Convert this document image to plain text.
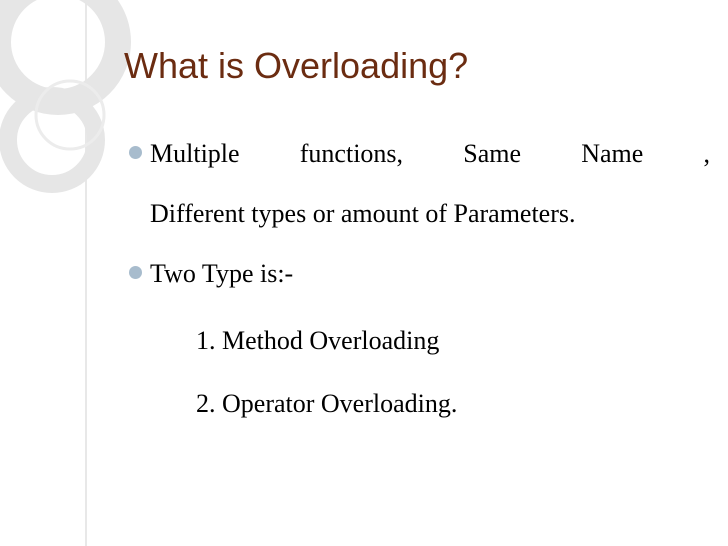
What is Overloading?
Multiple functions, Same Name ,
Different types or amount of Parameters.
Two Type is:-
1. Method Overloading
2. Operator Overloading.
